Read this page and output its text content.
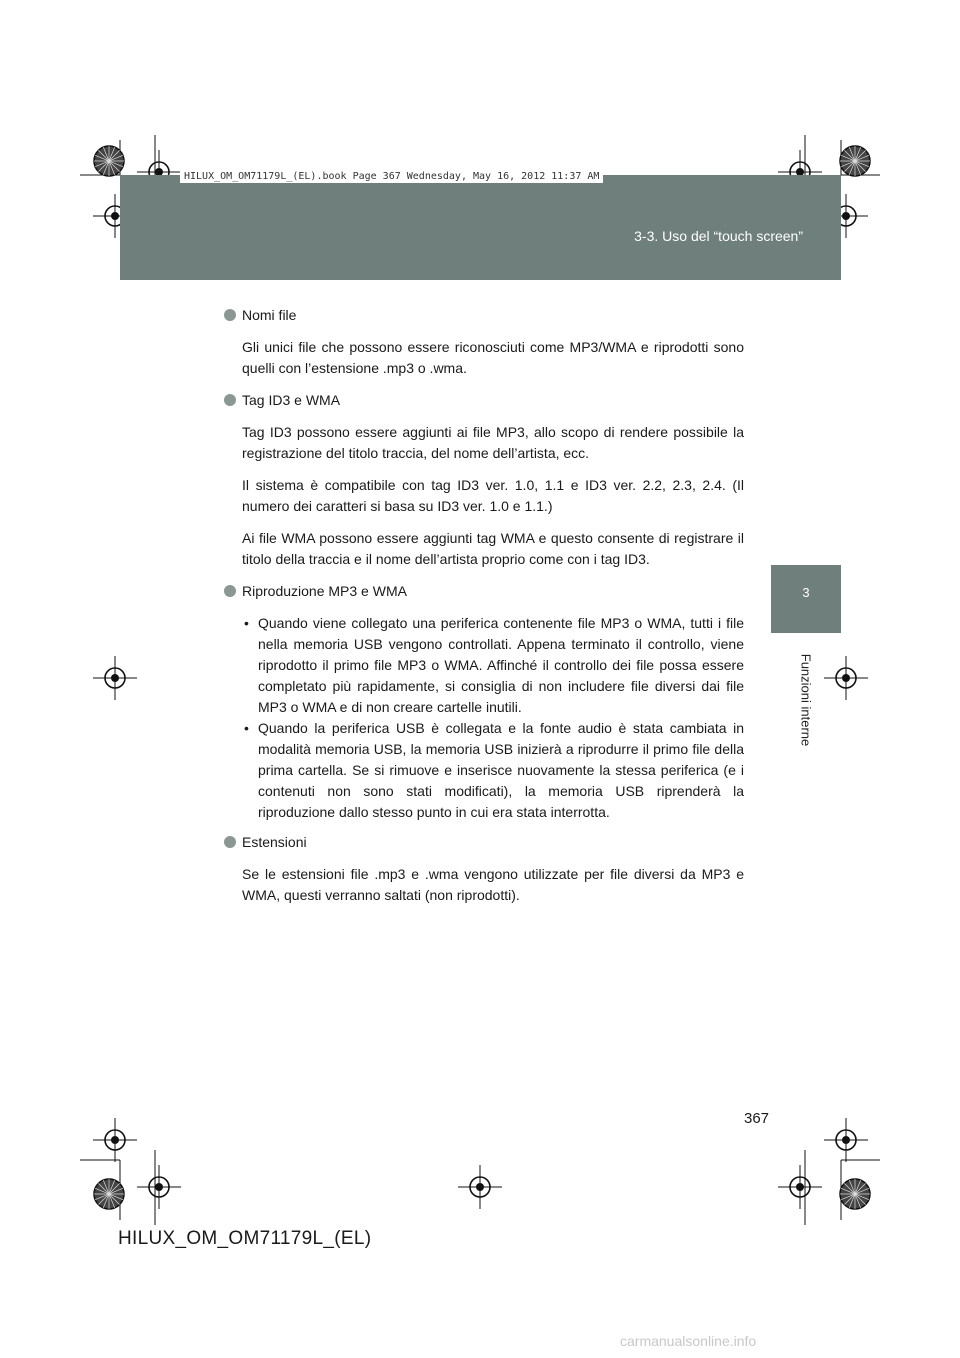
HILUX_OM_OM71179L_(EL).book Page 367 Wednesday, May 16, 2012 11:37 AM
3-3. Uso del “touch screen”
3
Funzioni interne
Nomi file

Gli unici file che possono essere riconosciuti come MP3/WMA e riprodotti sono quelli con l’estensione .mp3 o .wma.

Tag ID3 e WMA

Tag ID3 possono essere aggiunti ai file MP3, allo scopo di rendere possibile la registrazione del titolo traccia, del nome dell’artista, ecc.

Il sistema è compatibile con tag ID3 ver. 1.0, 1.1 e ID3 ver. 2.2, 2.3, 2.4. (Il numero dei caratteri si basa su ID3 ver. 1.0 e 1.1.)

Ai file WMA possono essere aggiunti tag WMA e questo consente di registrare il titolo della traccia e il nome dell’artista proprio come con i tag ID3.

Riproduzione MP3 e WMA
• Quando viene collegato una periferica contenente file MP3 o WMA, tutti i file nella memoria USB vengono controllati. Appena terminato il controllo, viene riprodotto il primo file MP3 o WMA. Affinché il controllo dei file possa essere completato più rapidamente, si consiglia di non includere file diversi dai file MP3 o WMA e di non creare cartelle inutili.
• Quando la periferica USB è collegata e la fonte audio è stata cambiata in modalità memoria USB, la memoria USB inizierà a riprodurre il primo file della prima cartella. Se si rimuove e inserisce nuovamente la stessa periferica (e i contenuti non sono stati modificati), la memoria USB riprenderà la riproduzione dallo stesso punto in cui era stata interrotta.
Estensioni

Se le estensioni file .mp3 e .wma vengono utilizzate per file diversi da MP3 e WMA, questi verranno saltati (non riprodotti).

367
HILUX_OM_OM71179L_(EL)
carmanualsonline.info
